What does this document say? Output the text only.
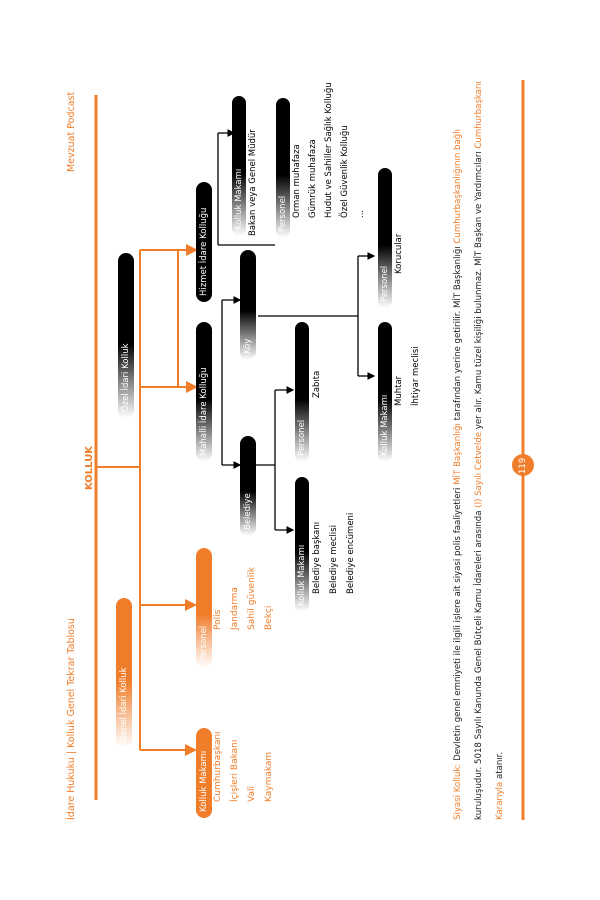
İdare Hukuku | Kolluk Genel Tekrar Tablosu
Mevzuat Podcast
KOLLUK
Genel İdari Kolluk
Kolluk Makamı Cumhurbaşkanı İçişleri Bakanı Vali Kaymakam
Personel
Polis Jandarma Sahil güvenlik Bekçi
Özel İdari Kolluk
Hizmet İdare Kolluğu
Kolluk Makamı Bakan veya Genel Müdür Personel Orman muhafaza Gümrük muhafaza Hudut ve Sahiller Sağlık Kolluğu Özel Güvenlik Kolluğu ...
Mahalli İdare Kolluğu
Belediye
Kolluk Makamı Belediye başkanı Belediye meclisi Belediye encümeni
Personel
Zabıta
Köy
Kolluk Makamı
Muhtar İhtiyar meclisi
Personel
Korucular
Siyasi Kolluk: Devletin genel emniyeti ile ilgili işlere ait siyasi polis faaliyetleri MİT Başkanlığı tarafından yerine getirilir. MİT Başkanlığı Cumhurbaşkanlığının bağlı kuruluşudur. 5018 Sayılı Kanunda Genel Bütçeli Kamu İdareleri arasında (I) Sayılı Cetvelde yer alır. Kamu tüzel kişiliği bulunmaz. MİT Başkan ve Yardımcıları Cumhurbaşkanı Kararıyla atanır.
119
